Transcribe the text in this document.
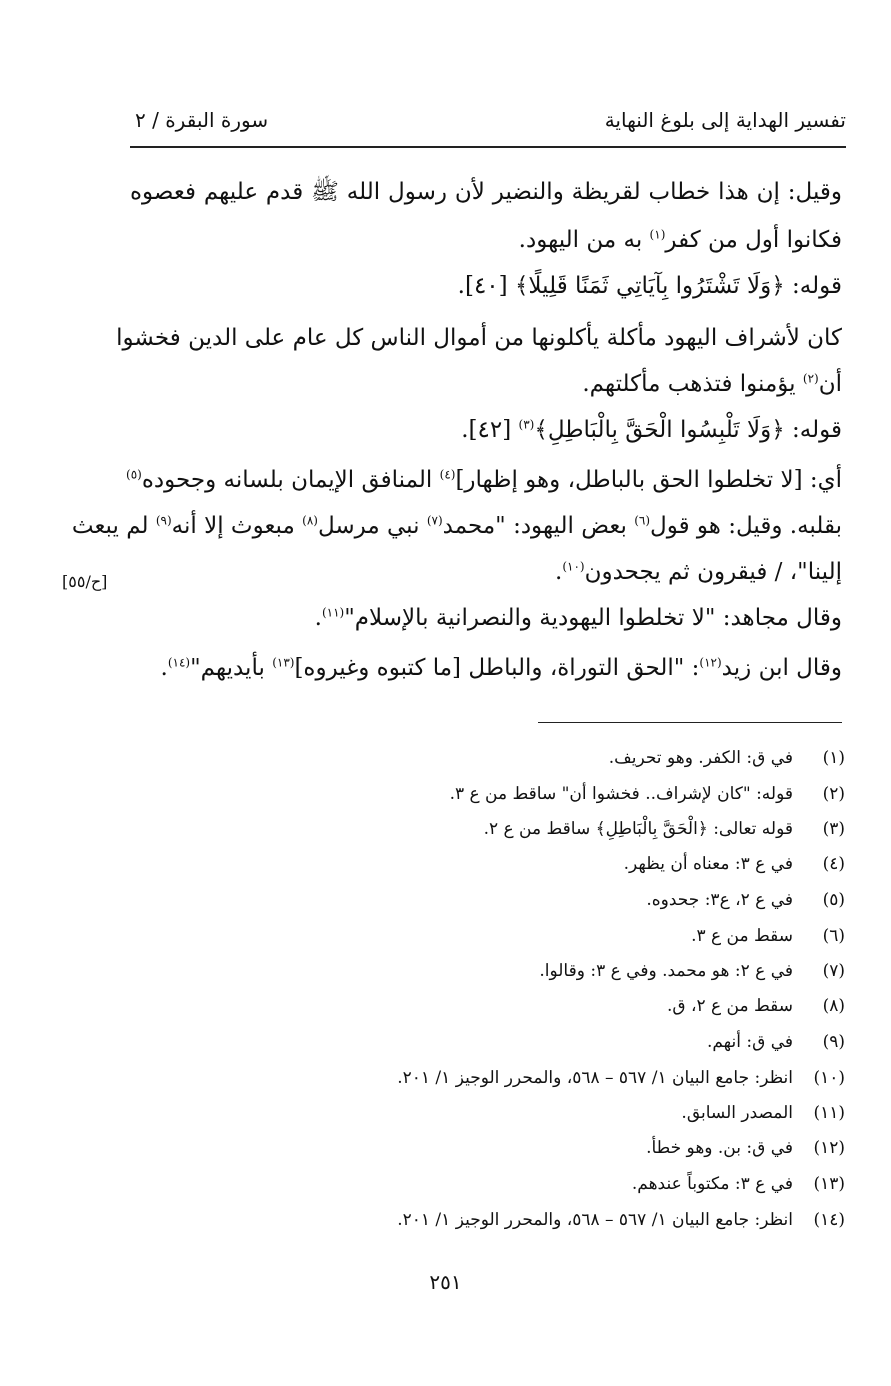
تفسير الهداية إلى بلوغ النهاية
سورة البقرة / ٢
وقيل: إن هذا خطاب لقريظة والنضير لأن رسول الله ﷺ قدم عليهم فعصوه
فكانوا أول من كفر$^{(١)}$ به من اليهود.
قوله: ﴿وَلَا تَشْتَرُوا بِآيَاتِي ثَمَنًا قَلِيلًا﴾ [٤٠].
كان لأشراف اليهود مأكلة يأكلونها من أموال الناس كل عام على الدين فخشوا
أن$^{(٢)}$ يؤمنوا فتذهب مأكلتهم.
قوله: ﴿وَلَا تَلْبِسُوا الْحَقَّ بِالْبَاطِلِ﴾$^{(٣)}$ [٤٢].
أي: [لا تخلطوا الحق بالباطل، وهو إظهار]$^{(٤)}$ المنافق الإيمان بلسانه وجحوده$^{(٥)}$
بقلبه. وقيل: هو قول$^{(٦)}$ بعض اليهود: "محمد$^{(٧)}$ نبي مرسل$^{(٨)}$ مبعوث إلا أنه$^{(٩)}$ لم يبعث
إلينا"، / فيقرون ثم يجحدون$^{(١٠)}$.
[ح/٥٥]
وقال مجاهد: "لا تخلطوا اليهودية والنصرانية بالإسلام"$^{(١١)}$.
وقال ابن زيد$^{(١٢)}$: "الحق التوراة، والباطل [ما كتبوه وغيروه]$^{(١٣)}$ بأيديهم"$^{(١٤)}$.
(١)في ق: الكفر. وهو تحريف.
(٢)قوله: "كان لإشراف.. فخشوا أن" ساقط من ع ٣.
(٣)قوله تعالى: ﴿الْحَقَّ بِالْبَاطِلِ﴾ ساقط من ع ٢.
(٤)في ع ٣: معناه أن يظهر.
(٥)في ع ٢، ع٣: جحدوه.
(٦)سقط من ع ٣.
(٧)في ع ٢: هو محمد. وفي ع ٣: وقالوا.
(٨)سقط من ع ٢، ق.
(٩)في ق: أنهم.
(١٠)انظر: جامع البيان ١/ ٥٦٧ – ٥٦٨، والمحرر الوجيز ١/ ٢٠١.
(١١)المصدر السابق.
(١٢)في ق: بن. وهو خطأ.
(١٣)في ع ٣: مكتوباً عندهم.
(١٤)انظر: جامع البيان ١/ ٥٦٧ – ٥٦٨، والمحرر الوجيز ١/ ٢٠١.
٢٥١
